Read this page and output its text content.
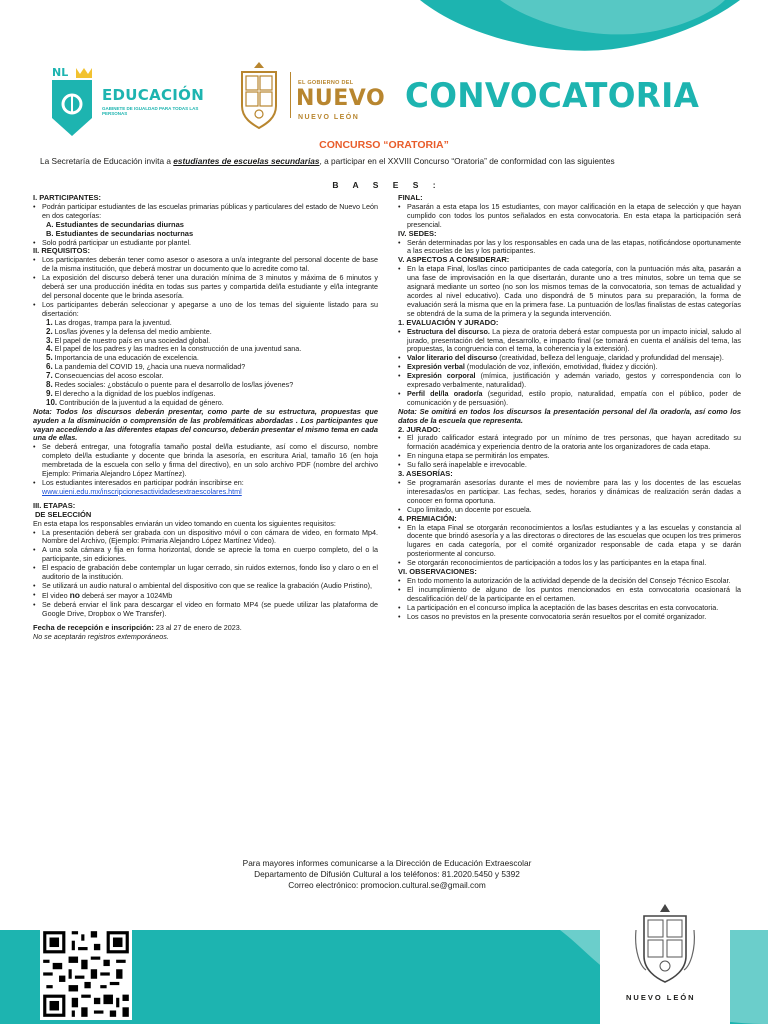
NL
EDUCACIÓN
GABINETE DE IGUALDAD PARA TODAS LAS PERSONAS
EL GOBIERNO DEL
NUEVO
NUEVO LEÓN
CONVOCATORIA
CONCURSO “ORATORIA”
La Secretaría de Educación invita a estudiantes de escuelas secundarias, a participar en el XXVIII Concurso “Oratoria” de conformidad con las siguientes
B A S E S :

I. PARTICIPANTES:

• Podrán participar estudiantes de las escuelas primarias públicas y particulares del estado de Nuevo León en dos categorías:

A. Estudiantes de secundarias diurnas

B. Estudiantes de secundarias nocturnas

• Solo podrá participar un estudiante por plantel.

II. REQUISITOS:

• Los participantes deberán tener como asesor o asesora a un/a integrante del personal docente de base de la misma institución, que deberá mostrar un documento que lo acredite como tal.

• La exposición del discurso deberá tener una duración mínima de 3 minutos y máxima de 6 minutos y deberá ser una producción inédita en todas sus partes y compartida del/la estudiante y el/la integrante del personal docente que le brinda asesoría.

• Los participantes deberán seleccionar y apegarse a uno de los temas del siguiente listado para su disertación:

1. Las drogas, trampa para la juventud.

2. Los/las jóvenes y la defensa del medio ambiente.

3. El papel de nuestro país en una sociedad global.

4. El papel de los padres y las madres en la construcción de una juventud sana.

5. Importancia de una educación de excelencia.

6. La pandemia del COVID 19, ¿hacia una nueva normalidad?

7. Consecuencias del acoso escolar.

8. Redes sociales: ¿obstáculo o puente para el desarrollo de los/las jóvenes?

9. El derecho a la dignidad de los pueblos indígenas.

10. Contribución de la juventud a la equidad de género.

Nota: Todos los discursos deberán presentar, como parte de su estructura, propuestas que ayuden a la disminución o comprensión de las problemáticas abordadas . Los participantes que vayan accediendo a las diferentes etapas del concurso, deberán presentar el mismo tema en cada una de ellas.

• Se deberá entregar, una fotografía tamaño postal del/la estudiante, así como el discurso, nombre completo del/la estudiante y docente que brinda la asesoría, en escritura Arial, tamaño 16 (en hoja membretada de la escuela con sello y firma del directivo), en un solo archivo PDF (nombre del archivo Ejemplo: Primaria Alejandro López Martínez).

• Los estudiantes interesados en participar podrán inscribirse en:

www.uieni.edu.mx/inscripcionesactividadesextraescolares.html

III. ETAPAS:

DE SELECCIÓN

En esta etapa los responsables enviarán un video tomando en cuenta los siguientes requisitos:

• La presentación deberá ser grabada con un dispositivo móvil o con cámara de video, en formato Mp4. Nombre del Archivo, (Ejemplo: Primaria Alejandro López Martínez Video).

• A una sola cámara y fija en forma horizontal, donde se aprecie la toma en cuerpo completo, del o la participante, sin ediciones.

• El espacio de grabación debe contemplar un lugar cerrado, sin ruidos externos, fondo liso y claro o en el auditorio de la institución.

• Se utilizará un audio natural o ambiental del dispositivo con que se realice la grabación (Audio Pristino),

• El video no deberá ser mayor a 1024Mb

• Se deberá enviar el link para descargar el video en formato MP4 (se puede utilizar las plataforma de Google Drive, Dropbox o We Transfer).

Fecha de recepción e inscripción: 23 al 27 de enero de 2023.

No se aceptarán registros extemporáneos.

FINAL:

• Pasarán a esta etapa los 15 estudiantes, con mayor calificación en la etapa de selección y que hayan cumplido con todos los puntos señalados en esta convocatoria. En esta etapa la participación será presencial.

IV. SEDES:

• Serán determinadas por las y los responsables en cada una de las etapas, notificándose oportunamente a las escuelas de las y los participantes.

V. ASPECTOS A CONSIDERAR:

• En la etapa Final, los/las cinco participantes de cada categoría, con la puntuación más alta, pasarán a una fase de improvisación en la que disertarán, durante uno a tres minutos, sobre un tema que se asignará mediante un sorteo (no son los mismos temas de la convocatoria, son temas de actualidad y acordes al nivel educativo). Cada uno dispondrá de 5 minutos para su preparación, la forma de evaluación será la misma que en la primera fase. La puntuación de los/las finalistas de estas categorías se obtendrá de la suma de la primera y la segunda intervención.

1. EVALUACIÓN Y JURADO:

• Estructura del discurso. La pieza de oratoria deberá estar compuesta por un impacto inicial, saludo al jurado, presentación del tema, desarrollo, e impacto final (se tomará en cuenta el análisis del tema, las propuestas, la congruencia con el tema, la coherencia y la extensión).

• Valor literario del discurso (creatividad, belleza del lenguaje, claridad y profundidad del mensaje).

• Expresión verbal (modulación de voz, inflexión, emotividad, fluidez y dicción).

• Expresión corporal (mímica, justificación y ademán variado, gestos y correspondencia con lo expresado verbalmente, naturalidad).

• Perfil del/la orador/a (seguridad, estilo propio, naturalidad, empatía con el público, poder de comunicación y de persuasión).

Nota: Se omitirá en todos los discursos la presentación personal del /la orador/a, así como los datos de la escuela que representa.

2. JURADO:

• El jurado calificador estará integrado por un mínimo de tres personas, que hayan acreditado su formación académica y experiencia dentro de la oratoria ante los organizadores de cada etapa.

• En ninguna etapa se permitirán los empates.

• Su fallo será inapelable e irrevocable.

3. ASESORÍAS:

• Se programarán asesorías durante el mes de noviembre para las y los docentes de las escuelas interesadas/os en participar. Las fechas, sedes, horarios y dinámicas de realización serán dadas a conocer en forma oportuna.

• Cupo limitado, un docente por escuela.

4. PREMIACIÓN:

• En la etapa Final se otorgarán reconocimientos a los/las estudiantes y a las escuelas y constancia al docente que brindó asesoría y a las directoras o directores de las escuelas que ocupen los tres primeros lugares en cada categoría, por el comité organizador responsable de cada etapa y se darán posteriormente al concurso.

• Se otorgarán reconocimientos de participación a todos los y las participantes en la etapa final.

VI. OBSERVACIONES:

• En todo momento la autorización de la actividad depende de la decisión del Consejo Técnico Escolar.

• El incumplimiento de alguno de los puntos mencionados en esta convocatoria ocasionará la descalificación del/ de la participante en el certamen.

• La participación en el concurso implica la aceptación de las bases descritas en esta convocatoria.

• Los casos no previstos en la presente convocatoria serán resueltos por el comité organizador.

Para mayores informes comunicarse a la Dirección de Educación Extraescolar

Departamento de Difusión Cultural a los teléfonos: 81.2020.5450 y 5392

Correo electrónico: promocion.cultural.se@gmail.com

NUEVO LEÓN
